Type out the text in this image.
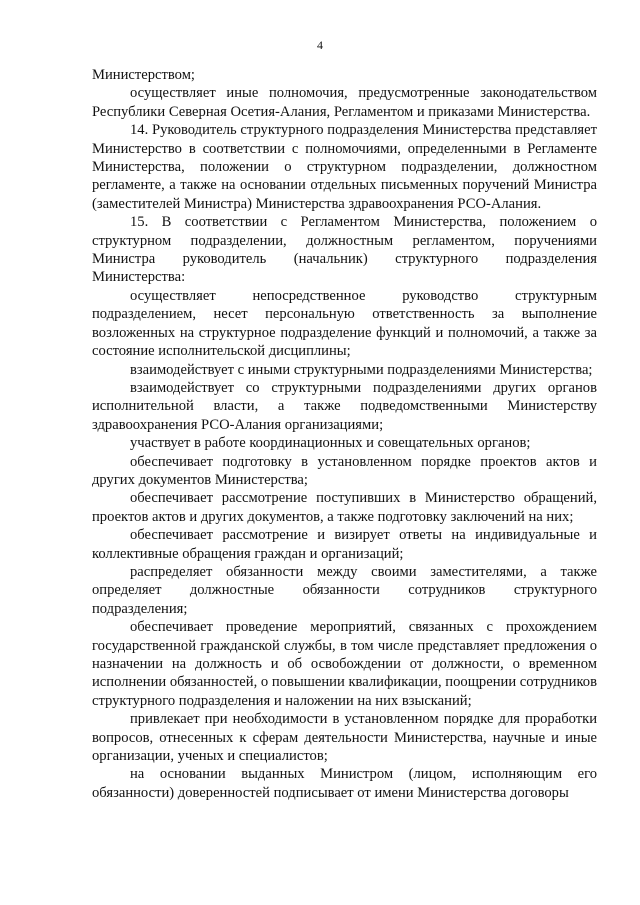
4

Министерством;

осуществляет иные полномочия, предусмотренные законодательством Республики Северная Осетия-Алания, Регламентом и приказами Министерства.

14. Руководитель структурного подразделения Министерства представляет Министерство в соответствии с полномочиями, определенными в Регламенте Министерства, положении о структурном подразделении, должностном регламенте, а также на основании отдельных письменных поручений Министра (заместителей Министра) Министерства здравоохранения РСО-Алания.

15. В соответствии с Регламентом Министерства, положением о структурном подразделении, должностным регламентом, поручениями Министра руководитель (начальник) структурного подразделения Министерства:

осуществляет непосредственное руководство структурным подразделением, несет персональную ответственность за выполнение возложенных на структурное подразделение функций и полномочий, а также за состояние исполнительской дисциплины;

взаимодействует с иными структурными подразделениями Министерства;

взаимодействует со структурными подразделениями других органов исполнительной власти, а также подведомственными Министерству здравоохранения РСО-Алания организациями;

участвует в работе координационных и совещательных органов;

обеспечивает подготовку в установленном порядке проектов актов и других документов Министерства;

обеспечивает рассмотрение поступивших в Министерство обращений, проектов актов и других документов, а также подготовку заключений на них;

обеспечивает рассмотрение и визирует ответы на индивидуальные и коллективные обращения граждан и организаций;

распределяет обязанности между своими заместителями, а также определяет должностные обязанности сотрудников структурного подразделения;

обеспечивает проведение мероприятий, связанных с прохождением государственной гражданской службы, в том числе представляет предложения о назначении на должность и об освобождении от должности, о временном исполнении обязанностей, о повышении квалификации, поощрении сотрудников структурного подразделения и наложении на них взысканий;

привлекает при необходимости в установленном порядке для проработки вопросов, отнесенных к сферам деятельности Министерства, научные и иные организации, ученых и специалистов;

на основании выданных Министром (лицом, исполняющим его обязанности) доверенностей подписывает от имени Министерства договоры
